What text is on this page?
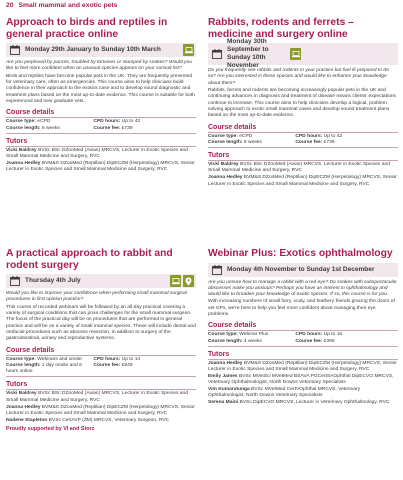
20 Small mammal and exotic pets
Approach to birds and reptiles in general practice online
Monday 29th January to Sunday 10th March

Are you perplexed by parrots, troubled by tortoises or stumped by snakes? Would you like to feel more confident when an unusual species appears on your consult list?

Birds and reptiles have become popular pets in the UK. They are frequently presented for veterinary care, often as emergencies. This course aims to help clinicians build confidence in their approach to the exotics case and to develop sound diagnostic and treatment plans based on the most up-to-date evidence. This course is suitable for both experienced and new graduate vets.

Course details
Course type: eCPD	CPD hours: Up to 42
Course length: 6 weeks	Course fee: £739
Tutors

Vicki Baldrey BVSc BSc DZooMed (Avian) MRCVS, Lecturer in Exotic Species and Small Mammal Medicine and Surgery, RVC

Joanna Hedley BVM&S DZooMed (Reptilian) DipECZM (Herpetology) MRCVS, Senior Lecturer in Exotic Species and Small Mammal Medicine and Surgery, RVC

Rabbits, rodents and ferrets – medicine and surgery online
Monday 30th September to Sunday 10th November

Do you frequently see rabbits and rodents in your practice but feel ill-prepared to do so? Are you interested in these species and would like to enhance your knowledge about them?

Rabbits, ferrets and rodents are becoming increasingly popular pets in the UK and continuing advances in diagnosis and treatment of disease means clients' expectations continue to increase. This course aims to help clinicians develop a logical, problem solving approach to exotic small mammal cases and develop sound treatment plans based on the most up-to-date evidence.

Course details
Course type: eCPD	CPD hours: Up to 42
Course length: 6 weeks	Course fee: £739
Tutors

Vicki Baldrey BVSc BSc DZooMed (Avian) MRCVS, Lecturer in Exotic Species and Small Mammal Medicine and Surgery, RVC

Joanna Hedley BVM&S DZooMed (Reptilian) DipECZM (Herpetology) MRCVS, Senior Lecturer in Exotic Species and Small Mammal Medicine and Surgery, RVC

A practical approach to rabbit and rodent surgery
Thursday 4th July

Would you like to improve your confidence when performing small mammal surgical procedures in first opinion practice?

This course of recorded webinars will be followed by an all-day practical covering a variety of surgical conditions that can pose challenges for the small mammal surgeon. The focus of the practical day will be on procedures that are performed in general practice and will be on a variety of small mammal species. These will include dental and orofacial procedures such as abscess resection, in addition to surgery of the gastrointestinal, urinary and reproductive systems.

Course details
Course type: Webinars and onsite	CPD hours: Up to 14
Course length: 1 day onsite and 6 hours online
Course fee: £949
Tutors

Vicki Baldrey BVSc BSc DZooMed (Avian) MRCVS, Lecturer in Exotic Species and Small Mammal Medicine and Surgery, RVC

Joanna Hedley BVM&S DZooMed (Reptilian) DipECZM (Herpetology) MRCVS, Senior Lecturer in Exotic Species and Small Mammal Medicine and Surgery, RVC

Nadene Stapleton BVSc CertAVP (ZM) MRCVS, Veterinary Surgeon, RVC

Proudly supported by VI and Storz
Webinar Plus: Exotics ophthalmology
Monday 4th November to Sunday 1st December

Are you unsure how to manage a rabbit with a red eye? Do snakes with subspectacular abscesses make you anxious? Perhaps you have an interest in ophthalmology and would like to broaden your knowledge of exotic species. If so, this course is for you.

With increasing numbers of small furry, scaly, and feathery friends gracing the doors of vet GPs, we're here to help you feel more confident about managing their eye problems.

Course details
Course type: Webinar Plus	CPD hours: Up to 16
Course length: 4 weeks	Course fee: £399
Tutors

Joanna Hedley BVM&S DZooMed (Reptilian) DipECZM (Herpetology) MRCVS, Senior Lecturer in Exotic Species and Small Mammal Medicine and Surgery, RVC

Emily James BVSc MVetSci MVetMed BSAVA PGCertSAOphthal DipECVO MRCVS, Veterinary Ophthalmologist, North Downs Veterinary Specialists

Vim Kumaratunga BVSc MVetMed CertVOphthal MRCVS, Veterinary Ophthalmologist, North Downs Veterinary Specialists

Serena Maini BVSc DipECVO MRCVS, Lecturer in Veterinary Ophthalmology, RVC
